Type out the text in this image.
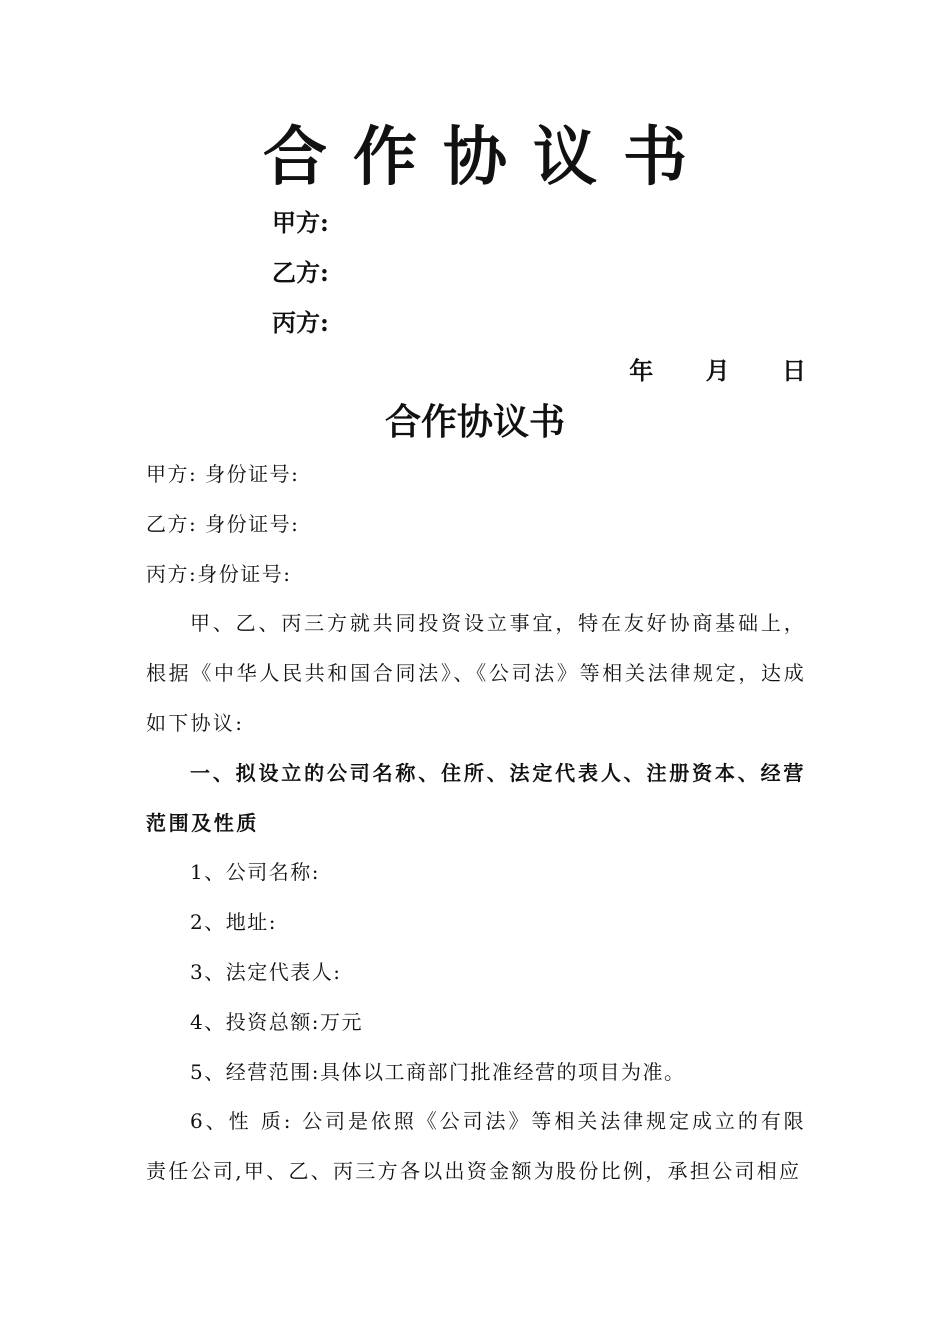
合作协议书
甲方:
乙方:
丙方:
年 月 日
合作协议书
甲方: 身份证号:
乙方: 身份证号:
丙方:身份证号:
甲、乙、丙三方就共同投资设立事宜，特在友好协商基础上，根据《中华人民共和国合同法》、《公司法》等相关法律规定，达成如下协议:
一、拟设立的公司名称、住所、法定代表人、注册资本、经营范围及性质
1、公司名称:
2、地址:
3、法定代表人:
4、投资总额:万元
5、经营范围:具体以工商部门批准经营的项目为准。
6、性 质: 公司是依照《公司法》等相关法律规定成立的有限责任公司,甲、乙、丙三方各以出资金额为股份比例，承担公司相应
